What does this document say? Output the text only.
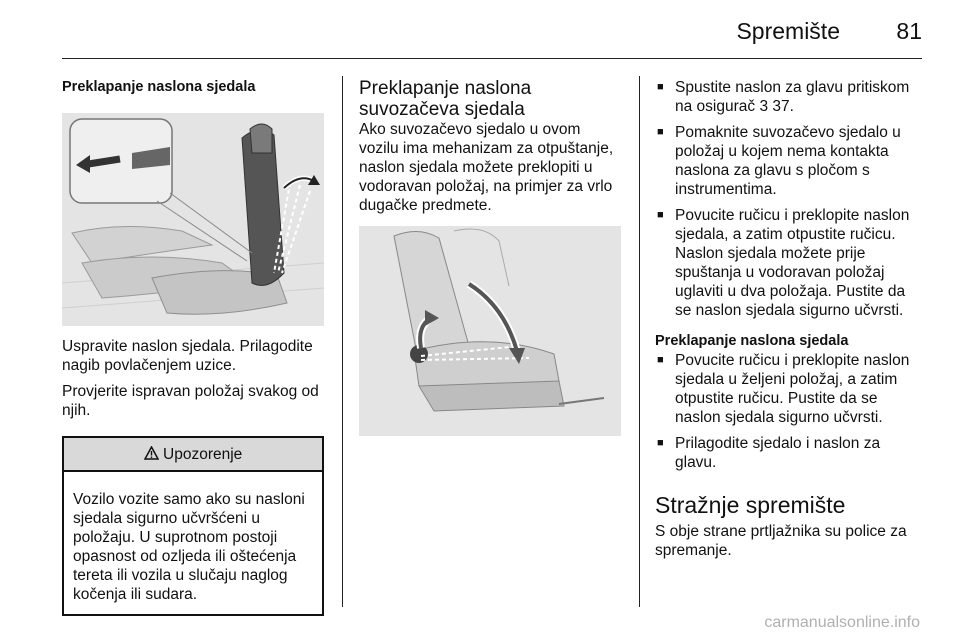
Spremište 81

Preklapanje naslona sjedala

Uspravite naslon sjedala. Prilagodite nagib povlačenjem uzice.

Provjerite ispravan položaj svakog od njih.

Upozorenje
Vozilo vozite samo ako su nasloni sjedala sigurno učvršćeni u položaju. U suprotnom postoji opasnost od ozljeda ili oštećenja tereta ili vozila u slučaju naglog kočenja ili sudara.
Preklapanje naslona suvozačeva sjedala

Ako suvozačevo sjedalo u ovom vozilu ima mehanizam za otpuštanje, naslon sjedala možete preklopiti u vodoravan položaj, na primjer za vrlo dugačke predmete.

■ Spustite naslon za glavu pritiskom na osigurač 3 37.
■ Pomaknite suvozačevo sjedalo u položaj u kojem nema kontakta naslona za glavu s pločom s instrumentima.
■ Povucite ručicu i preklopite naslon sjedala, a zatim otpustite ručicu. Naslon sjedala možete prije spuštanja u vodoravan položaj uglaviti u dva položaja. Pustite da se naslon sjedala sigurno učvrsti.

Preklapanje naslona sjedala

■ Povucite ručicu i preklopite naslon sjedala u željeni položaj, a zatim otpustite ručicu. Pustite da se naslon sjedala sigurno učvrsti.
■ Prilagodite sjedalo i naslon za glavu.
Stražnje spremište

S obje strane prtljažnika su police za spremanje.

carmanualsonline.info
